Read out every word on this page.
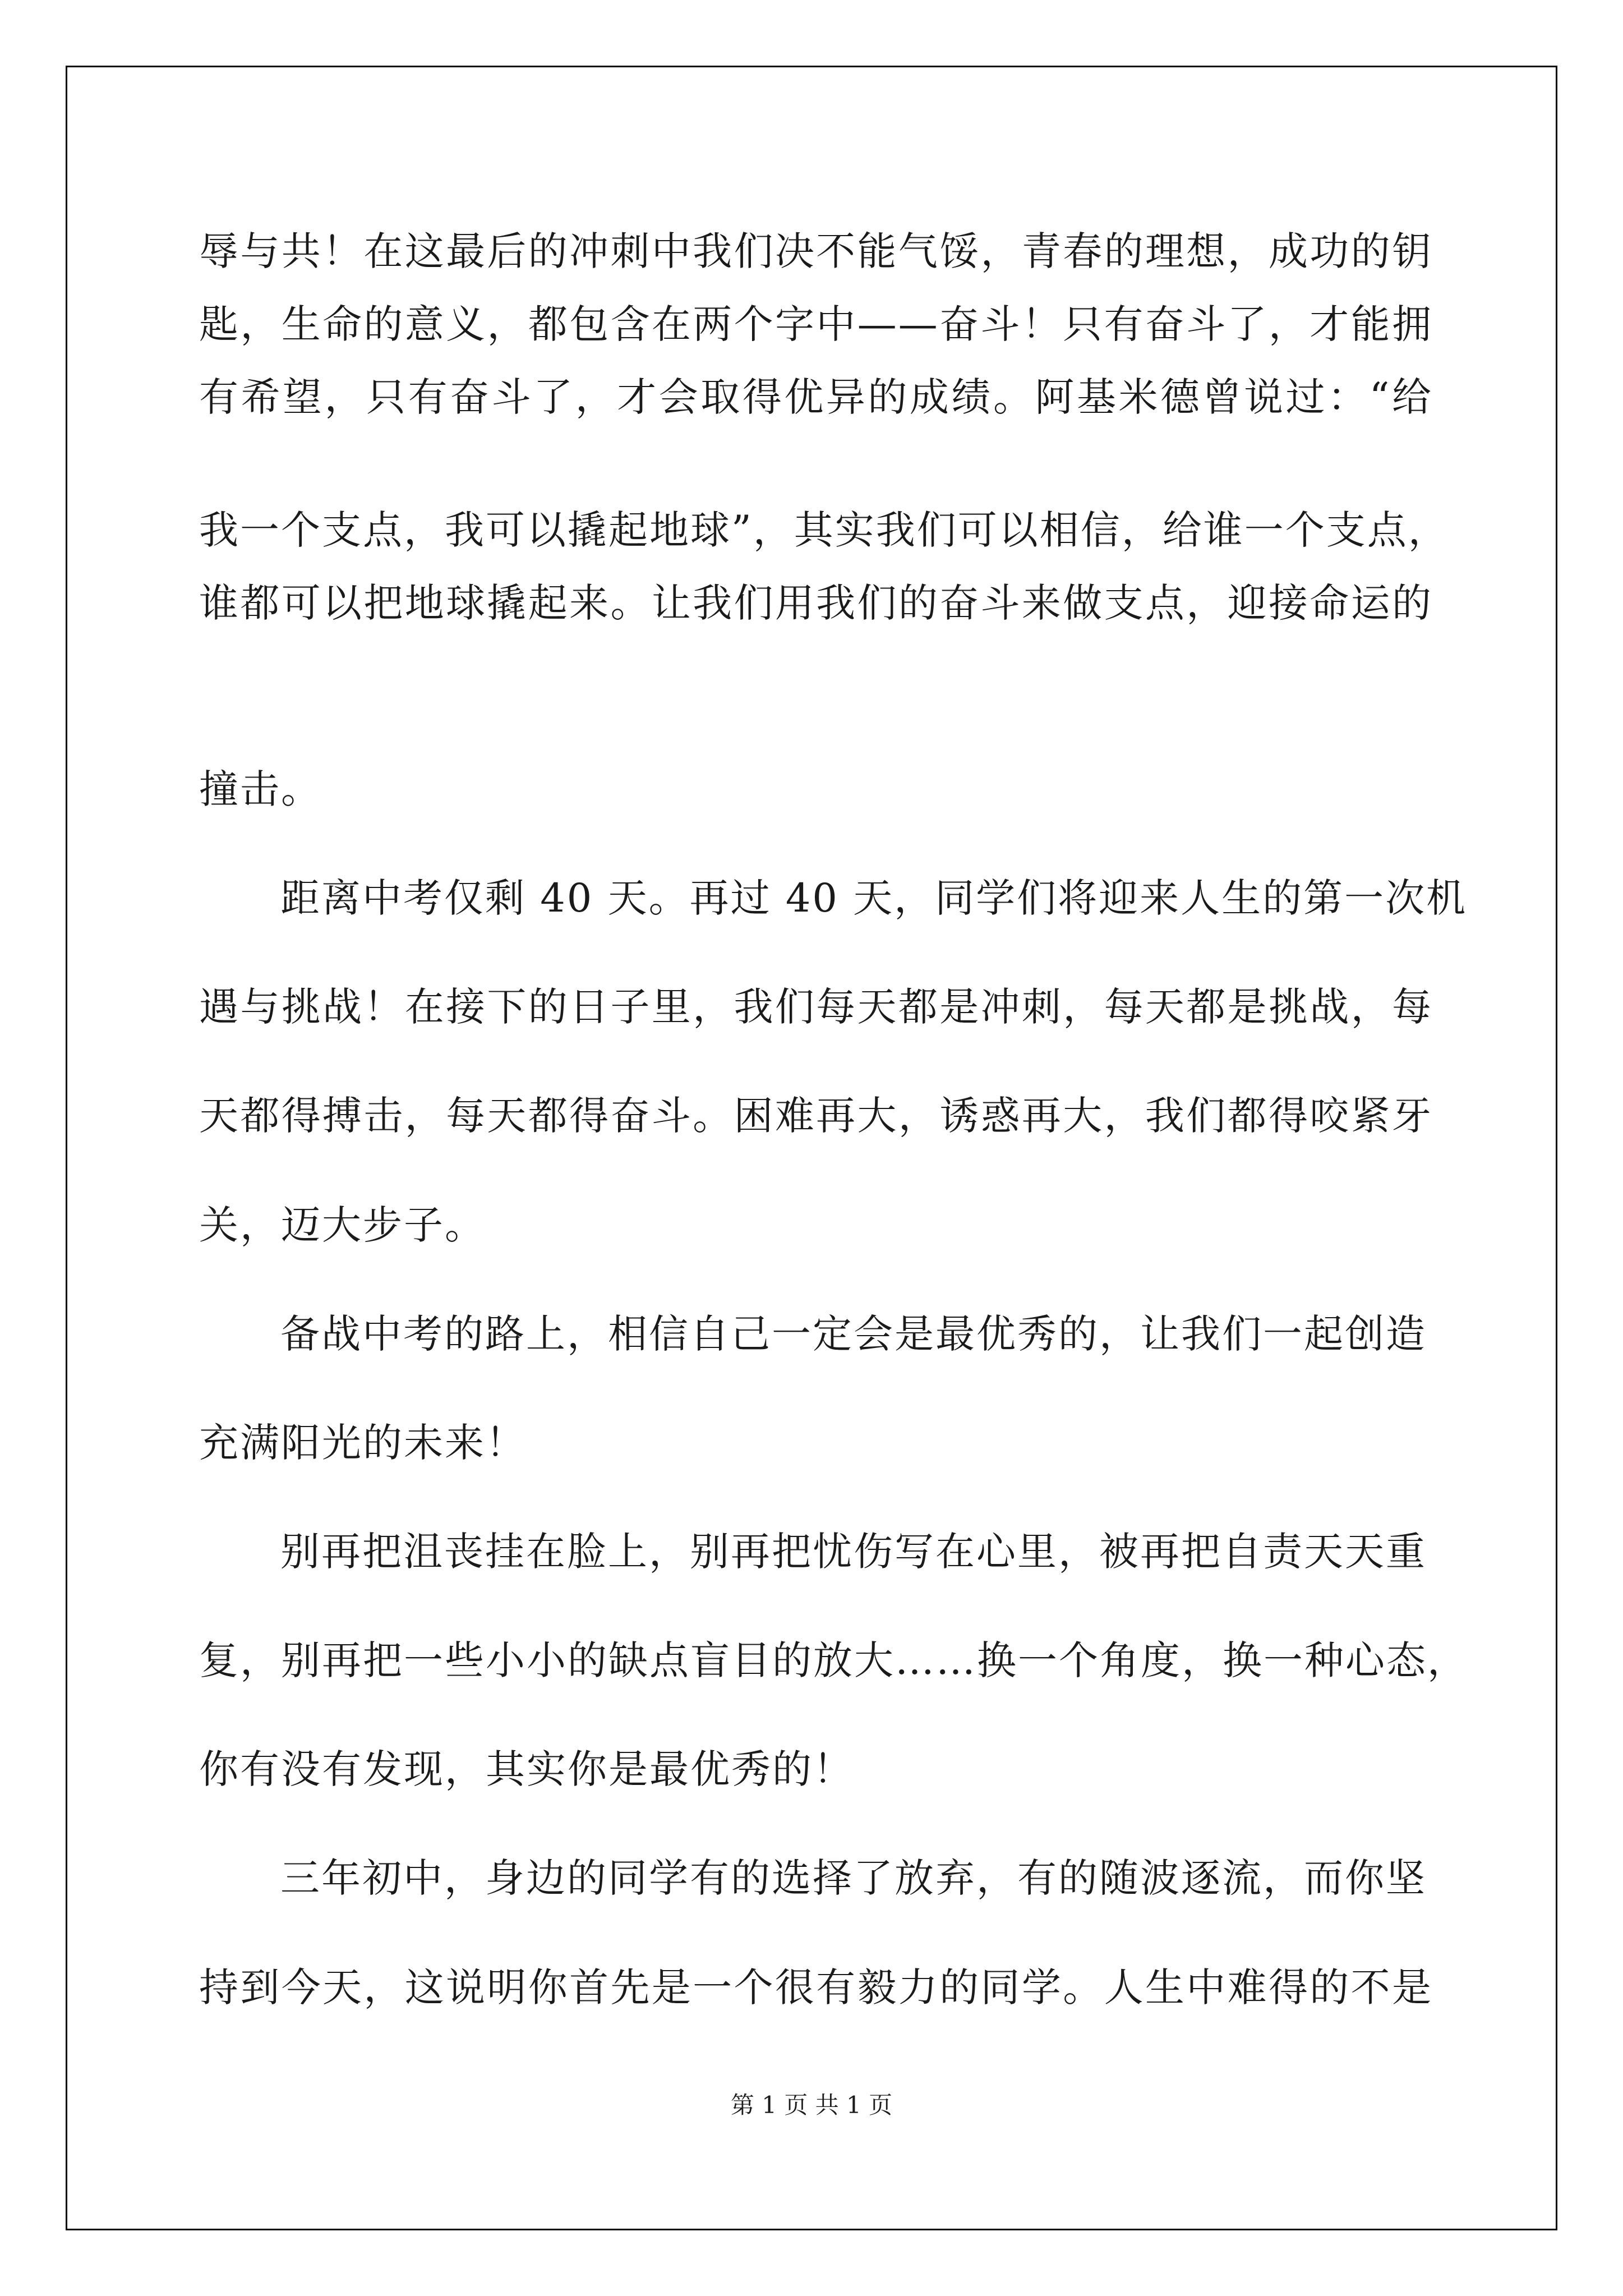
辱与共！在这最后的冲刺中我们决不能气馁，青春的理想，成功的钥
匙，生命的意义，都包含在两个字中——奋斗！只有奋斗了，才能拥
有希望，只有奋斗了，才会取得优异的成绩。阿基米德曾说过：“给
我一个支点，我可以撬起地球”，其实我们可以相信，给谁一个支点，
谁都可以把地球撬起来。让我们用我们的奋斗来做支点，迎接命运的
撞击。
距离中考仅剩 40 天。再过 40 天，同学们将迎来人生的第一次机
遇与挑战！在接下的日子里，我们每天都是冲刺，每天都是挑战，每
天都得搏击，每天都得奋斗。困难再大，诱惑再大，我们都得咬紧牙
关，迈大步子。
备战中考的路上，相信自己一定会是最优秀的，让我们一起创造
充满阳光的未来！
别再把沮丧挂在脸上，别再把忧伤写在心里，被再把自责天天重
复，别再把一些小小的缺点盲目的放大……换一个角度，换一种心态，
你有没有发现，其实你是最优秀的！
三年初中，身边的同学有的选择了放弃，有的随波逐流，而你坚
持到今天，这说明你首先是一个很有毅力的同学。人生中难得的不是
第 1 页 共 1 页
